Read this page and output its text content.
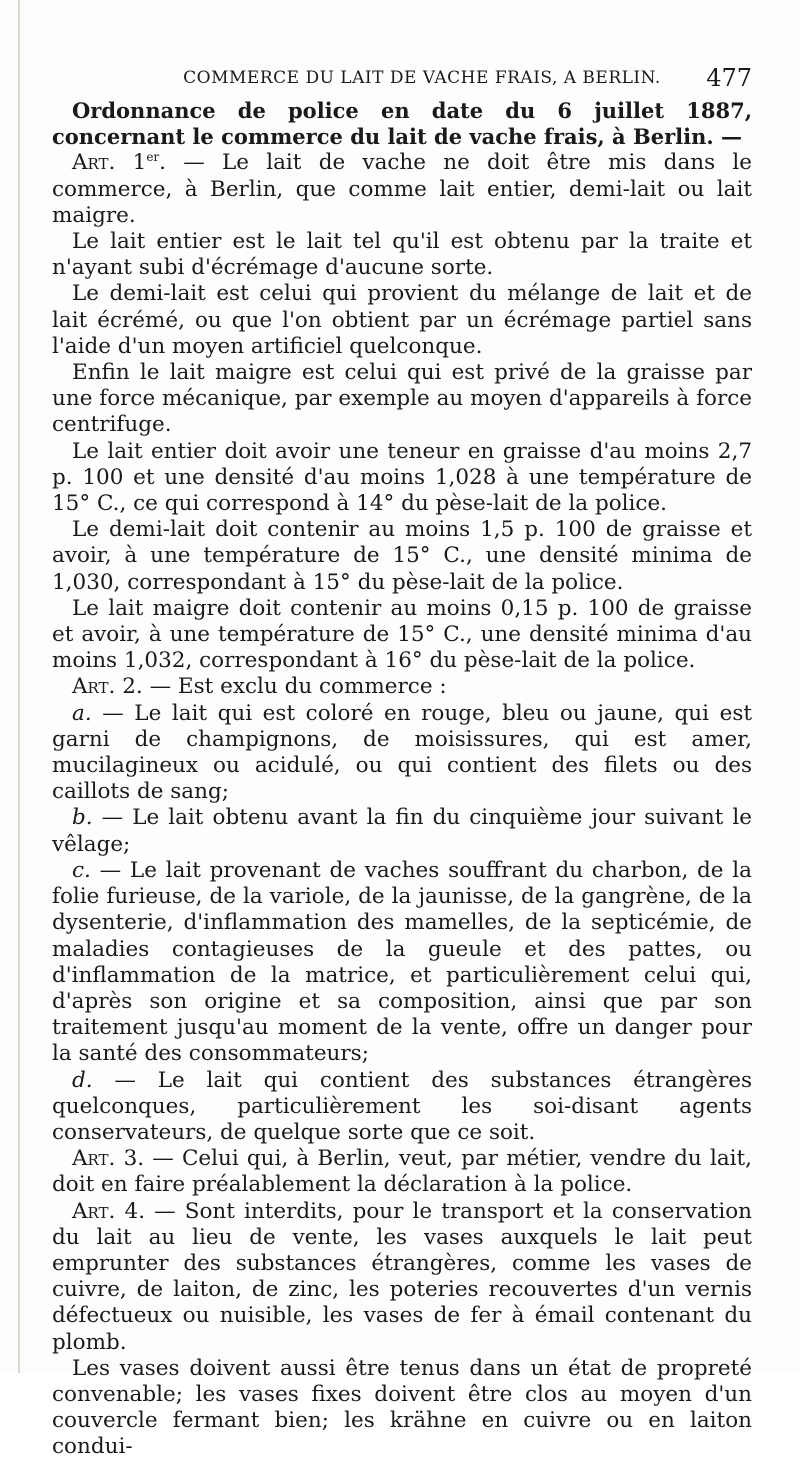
COMMERCE DU LAIT DE VACHE FRAIS, A BERLIN. 477

Ordonnance de police en date du 6 juillet 1887, concernant le commerce du lait de vache frais, à Berlin. —

Art. 1er. — Le lait de vache ne doit être mis dans le commerce, à Berlin, que comme lait entier, demi-lait ou lait maigre.

Le lait entier est le lait tel qu'il est obtenu par la traite et n'ayant subi d'écrémage d'aucune sorte.

Le demi-lait est celui qui provient du mélange de lait et de lait écrémé, ou que l'on obtient par un écrémage partiel sans l'aide d'un moyen artificiel quelconque.

Enfin le lait maigre est celui qui est privé de la graisse par une force mécanique, par exemple au moyen d'appareils à force centrifuge.

Le lait entier doit avoir une teneur en graisse d'au moins 2,7 p. 100 et une densité d'au moins 1,028 à une température de 15° C., ce qui correspond à 14° du pèse-lait de la police.

Le demi-lait doit contenir au moins 1,5 p. 100 de graisse et avoir, à une température de 15° C., une densité minima de 1,030, correspondant à 15° du pèse-lait de la police.

Le lait maigre doit contenir au moins 0,15 p. 100 de graisse et avoir, à une température de 15° C., une densité minima d'au moins 1,032, correspondant à 16° du pèse-lait de la police.

Art. 2. — Est exclu du commerce :

a. — Le lait qui est coloré en rouge, bleu ou jaune, qui est garni de champignons, de moisissures, qui est amer, mucilagineux ou acidulé, ou qui contient des filets ou des caillots de sang;

b. — Le lait obtenu avant la fin du cinquième jour suivant le vêlage;

c. — Le lait provenant de vaches souffrant du charbon, de la folie furieuse, de la variole, de la jaunisse, de la gangrène, de la dysenterie, d'inflammation des mamelles, de la septicémie, de maladies contagieuses de la gueule et des pattes, ou d'inflammation de la matrice, et particulièrement celui qui, d'après son origine et sa composition, ainsi que par son traitement jusqu'au moment de la vente, offre un danger pour la santé des consommateurs;

d. — Le lait qui contient des substances étrangères quelconques, particulièrement les soi-disant agents conservateurs, de quelque sorte que ce soit.

Art. 3. — Celui qui, à Berlin, veut, par métier, vendre du lait, doit en faire préalablement la déclaration à la police.

Art. 4. — Sont interdits, pour le transport et la conservation du lait au lieu de vente, les vases auxquels le lait peut emprunter des substances étrangères, comme les vases de cuivre, de laiton, de zinc, les poteries recouvertes d'un vernis défectueux ou nuisible, les vases de fer à émail contenant du plomb.

Les vases doivent aussi être tenus dans un état de propreté convenable; les vases fixes doivent être clos au moyen d'un couvercle fermant bien; les krähne en cuivre ou en laiton condui-
